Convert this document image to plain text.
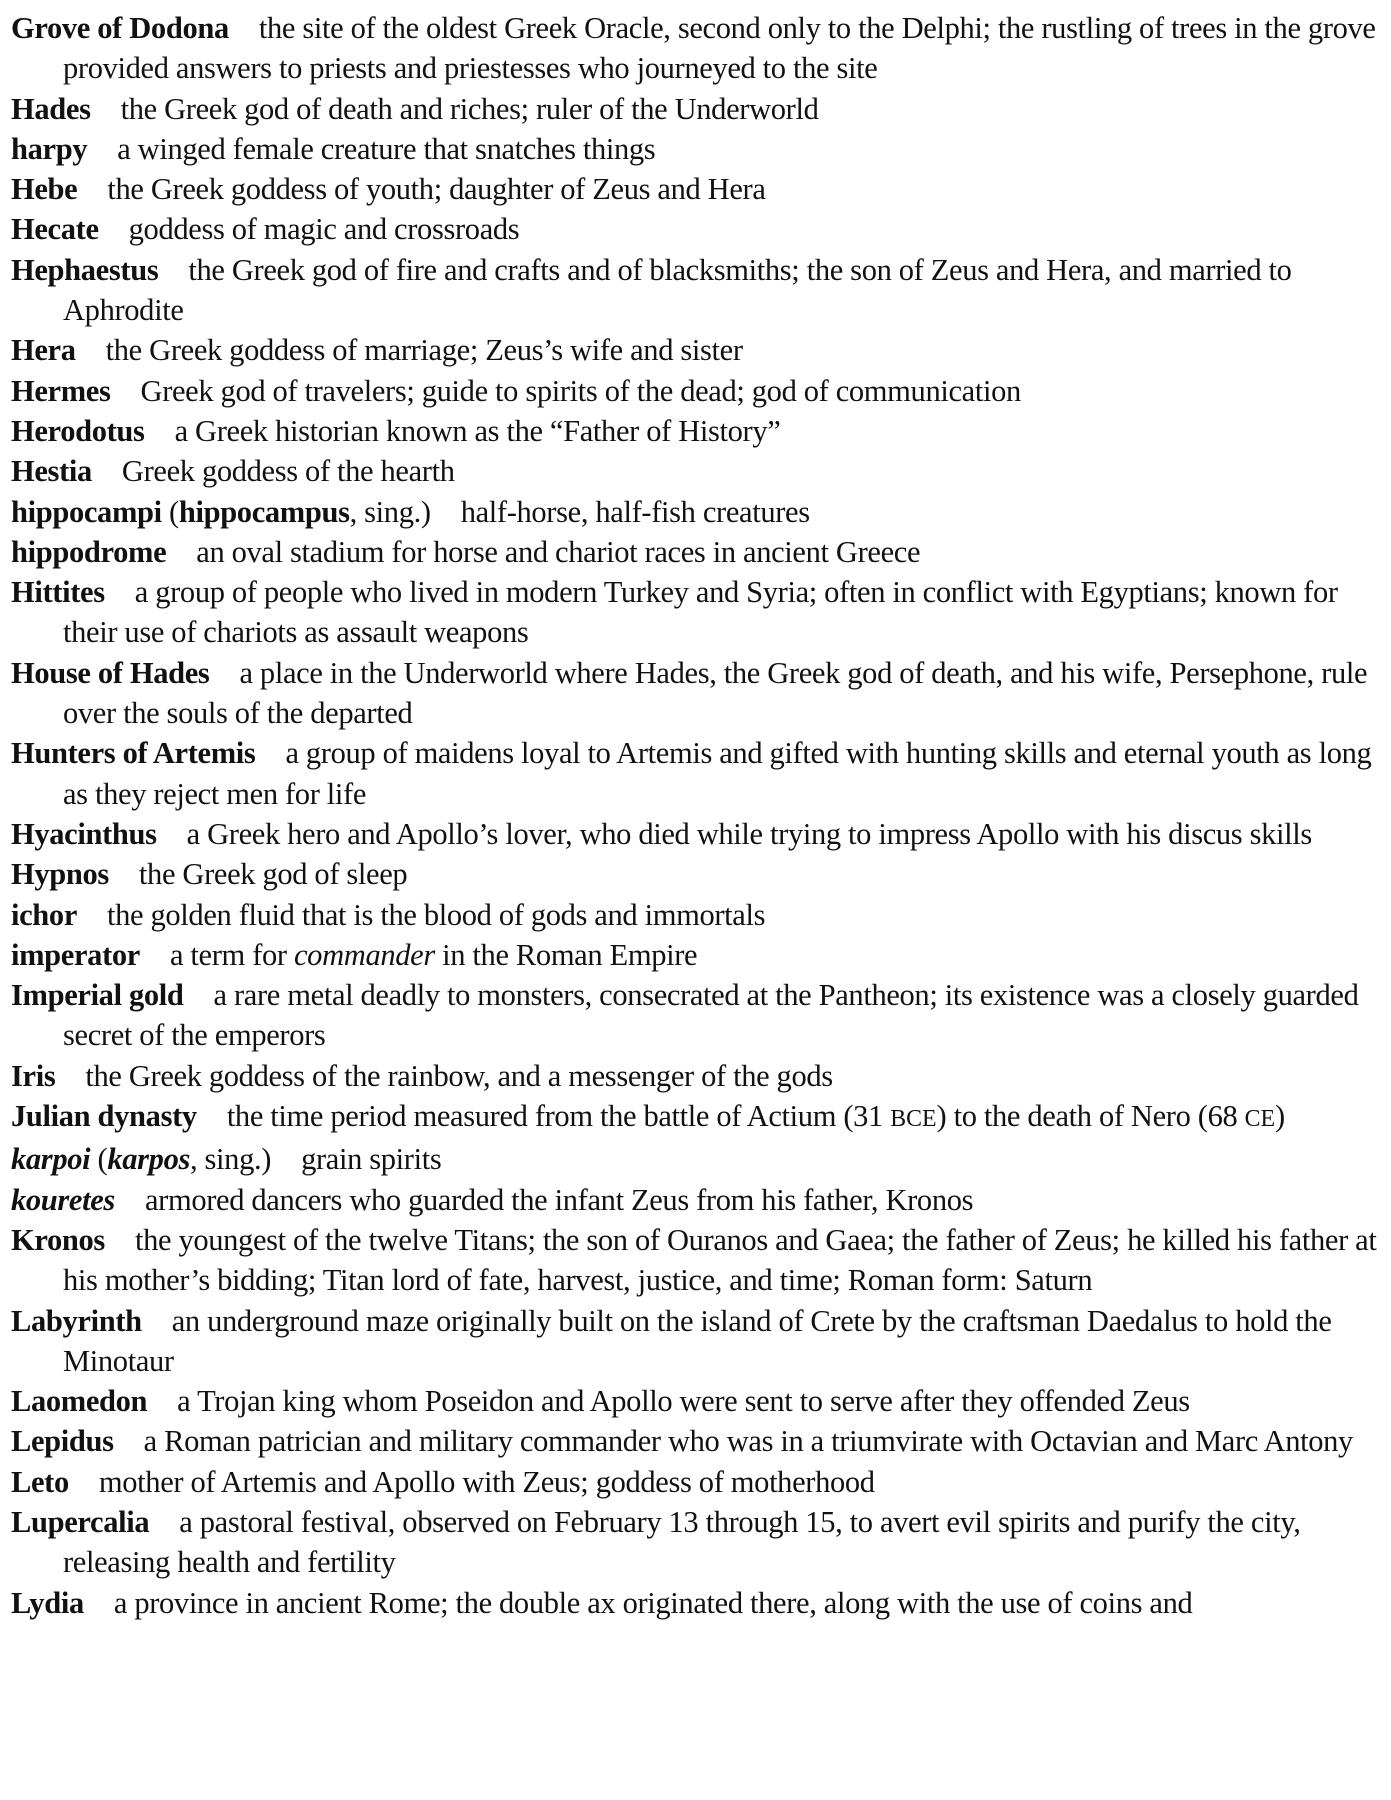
Grove of Dodona the site of the oldest Greek Oracle, second only to the Delphi; the rustling of trees in the grove provided answers to priests and priestesses who journeyed to the site

Hades the Greek god of death and riches; ruler of the Underworld

harpy a winged female creature that snatches things

Hebe the Greek goddess of youth; daughter of Zeus and Hera

Hecate goddess of magic and crossroads

Hephaestus the Greek god of fire and crafts and of blacksmiths; the son of Zeus and Hera, and married to Aphrodite

Hera the Greek goddess of marriage; Zeus’s wife and sister

Hermes Greek god of travelers; guide to spirits of the dead; god of communication

Herodotus a Greek historian known as the “Father of History”

Hestia Greek goddess of the hearth

hippocampi (hippocampus, sing.) half-horse, half-fish creatures

hippodrome an oval stadium for horse and chariot races in ancient Greece

Hittites a group of people who lived in modern Turkey and Syria; often in conflict with Egyptians; known for their use of chariots as assault weapons

House of Hades a place in the Underworld where Hades, the Greek god of death, and his wife, Persephone, rule over the souls of the departed

Hunters of Artemis a group of maidens loyal to Artemis and gifted with hunting skills and eternal youth as long as they reject men for life

Hyacinthus a Greek hero and Apollo’s lover, who died while trying to impress Apollo with his discus skills

Hypnos the Greek god of sleep

ichor the golden fluid that is the blood of gods and immortals

imperator a term for commander in the Roman Empire

Imperial gold a rare metal deadly to monsters, consecrated at the Pantheon; its existence was a closely guarded secret of the emperors

Iris the Greek goddess of the rainbow, and a messenger of the gods

Julian dynasty the time period measured from the battle of Actium (31 BCE) to the death of Nero (68 CE)

karpoi (karpos, sing.) grain spirits

kouretes armored dancers who guarded the infant Zeus from his father, Kronos

Kronos the youngest of the twelve Titans; the son of Ouranos and Gaea; the father of Zeus; he killed his father at his mother’s bidding; Titan lord of fate, harvest, justice, and time; Roman form: Saturn

Labyrinth an underground maze originally built on the island of Crete by the craftsman Daedalus to hold the Minotaur

Laomedon a Trojan king whom Poseidon and Apollo were sent to serve after they offended Zeus

Lepidus a Roman patrician and military commander who was in a triumvirate with Octavian and Marc Antony

Leto mother of Artemis and Apollo with Zeus; goddess of motherhood

Lupercalia a pastoral festival, observed on February 13 through 15, to avert evil spirits and purify the city, releasing health and fertility

Lydia a province in ancient Rome; the double ax originated there, along with the use of coins and
